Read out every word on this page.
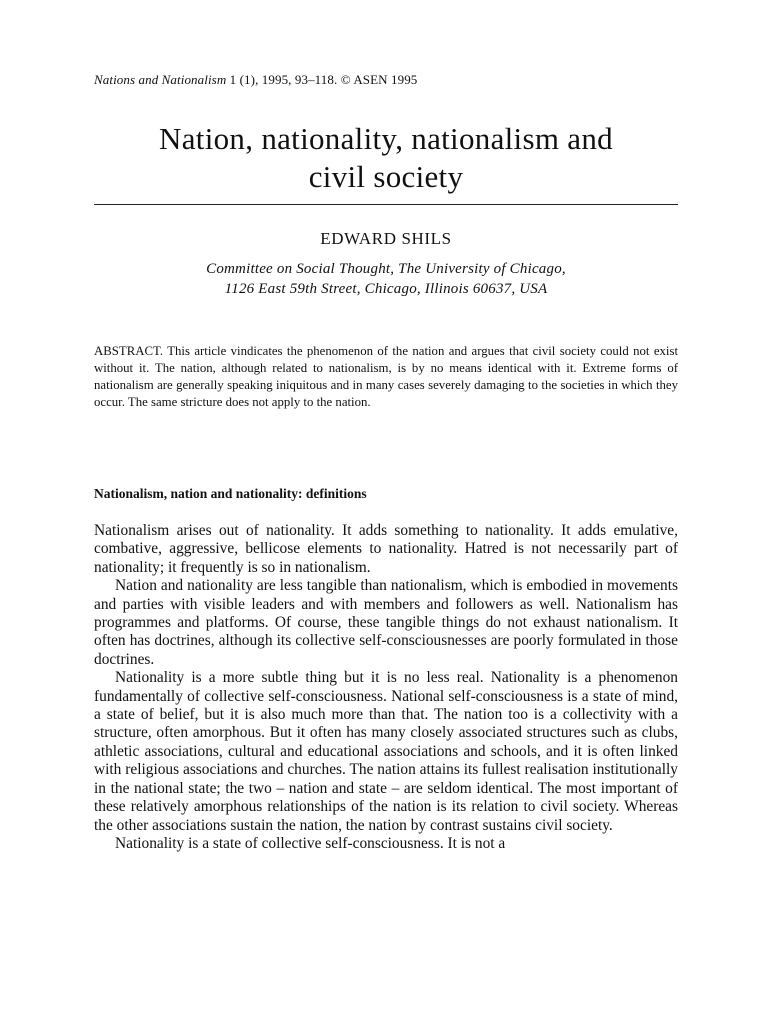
Nations and Nationalism 1 (1), 1995, 93–118. © ASEN 1995
Nation, nationality, nationalism and
civil society
EDWARD SHILS
Committee on Social Thought, The University of Chicago,
1126 East 59th Street, Chicago, Illinois 60637, USA
ABSTRACT. This article vindicates the phenomenon of the nation and argues that civil society could not exist without it. The nation, although related to nationalism, is by no means identical with it. Extreme forms of nationalism are generally speaking iniquitous and in many cases severely damaging to the societies in which they occur. The same stricture does not apply to the nation.
Nationalism, nation and nationality: definitions

Nationalism arises out of nationality. It adds something to nationality. It adds emulative, combative, aggressive, bellicose elements to nationality. Hatred is not necessarily part of nationality; it frequently is so in nationalism.

Nation and nationality are less tangible than nationalism, which is embodied in movements and parties with visible leaders and with members and followers as well. Nationalism has programmes and platforms. Of course, these tangible things do not exhaust nationalism. It often has doctrines, although its collective self-consciousnesses are poorly formulated in those doctrines.

Nationality is a more subtle thing but it is no less real. Nationality is a phenomenon fundamentally of collective self-consciousness. National self-consciousness is a state of mind, a state of belief, but it is also much more than that. The nation too is a collectivity with a structure, often amorphous. But it often has many closely associated structures such as clubs, athletic associations, cultural and educational associations and schools, and it is often linked with religious associations and churches. The nation attains its fullest realisation institutionally in the national state; the two – nation and state – are seldom identical. The most important of these relatively amorphous relationships of the nation is its relation to civil society. Whereas the other associations sustain the nation, the nation by contrast sustains civil society.

Nationality is a state of collective self-consciousness. It is not a
